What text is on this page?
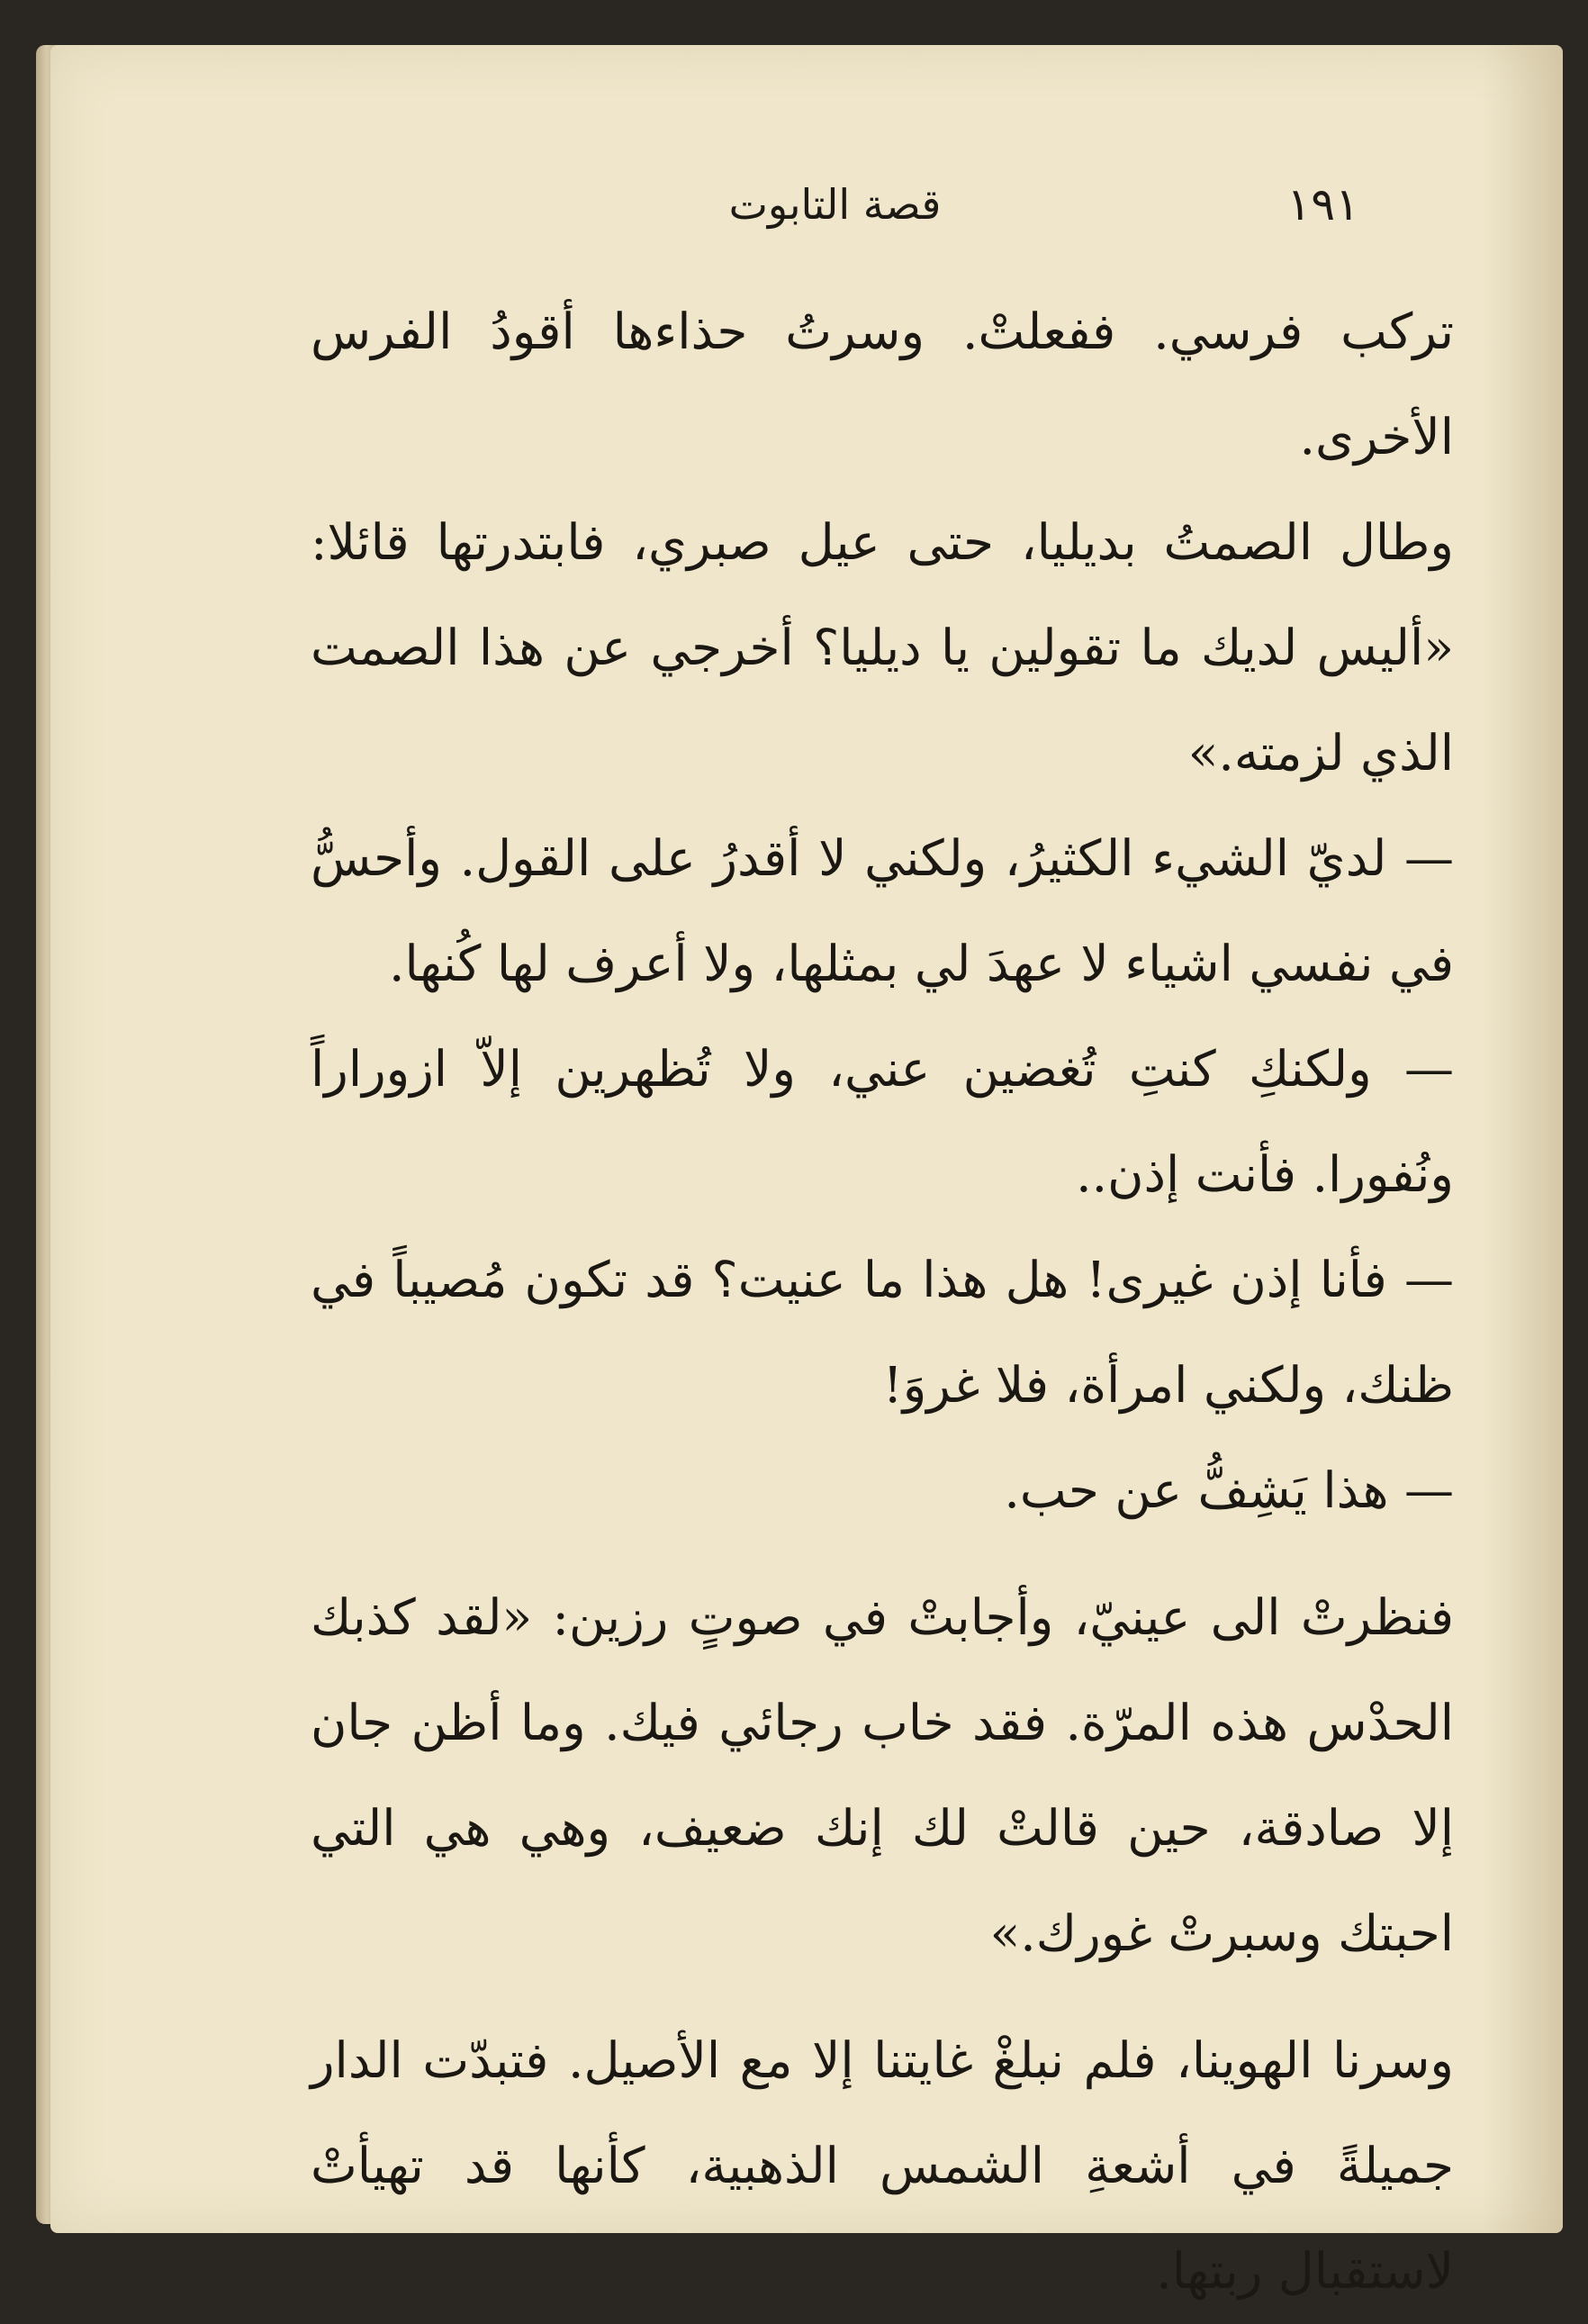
١٩١
قصة التابوت

تركب فرسي. ففعلتْ. وسرتُ حذاءها أقودُ الفرس الأخرى.

وطال الصمتُ بديليا، حتى عيل صبري، فابتدرتها قائلا: «أليس لديك ما تقولين يا ديليا؟ أخرجي عن هذا الصمت الذي لزمته.»

— لديّ الشيء الكثيرُ، ولكني لا أقدرُ على القول. وأحسُّ في نفسي اشياء لا عهدَ لي بمثلها، ولا أعرف لها كُنها.

— ولكنكِ كنتِ تُغضين عني، ولا تُظهرين إلاّ ازوراراً ونُفورا. فأنت إذن..

— فأنا إذن غيرى! هل هذا ما عنيت؟ قد تكون مُصيباً في ظنك، ولكني امرأة، فلا غروَ!

— هذا يَشِفُّ عن حب.

فنظرتْ الى عينيّ، وأجابتْ في صوتٍ رزين: «لقد كذبك الحدْس هذه المرّة. فقد خاب رجائي فيك. وما أظن جان إلا صادقة، حين قالتْ لك إنك ضعيف، وهي هي التي احبتك وسبرتْ غورك.»

وسرنا الهوينا، فلم نبلغْ غايتنا إلا مع الأصيل. فتبدّت الدار جميلةً في أشعةِ الشمس الذهبية، كأنها قد تهيأتْ لاستقبال ربتها.
